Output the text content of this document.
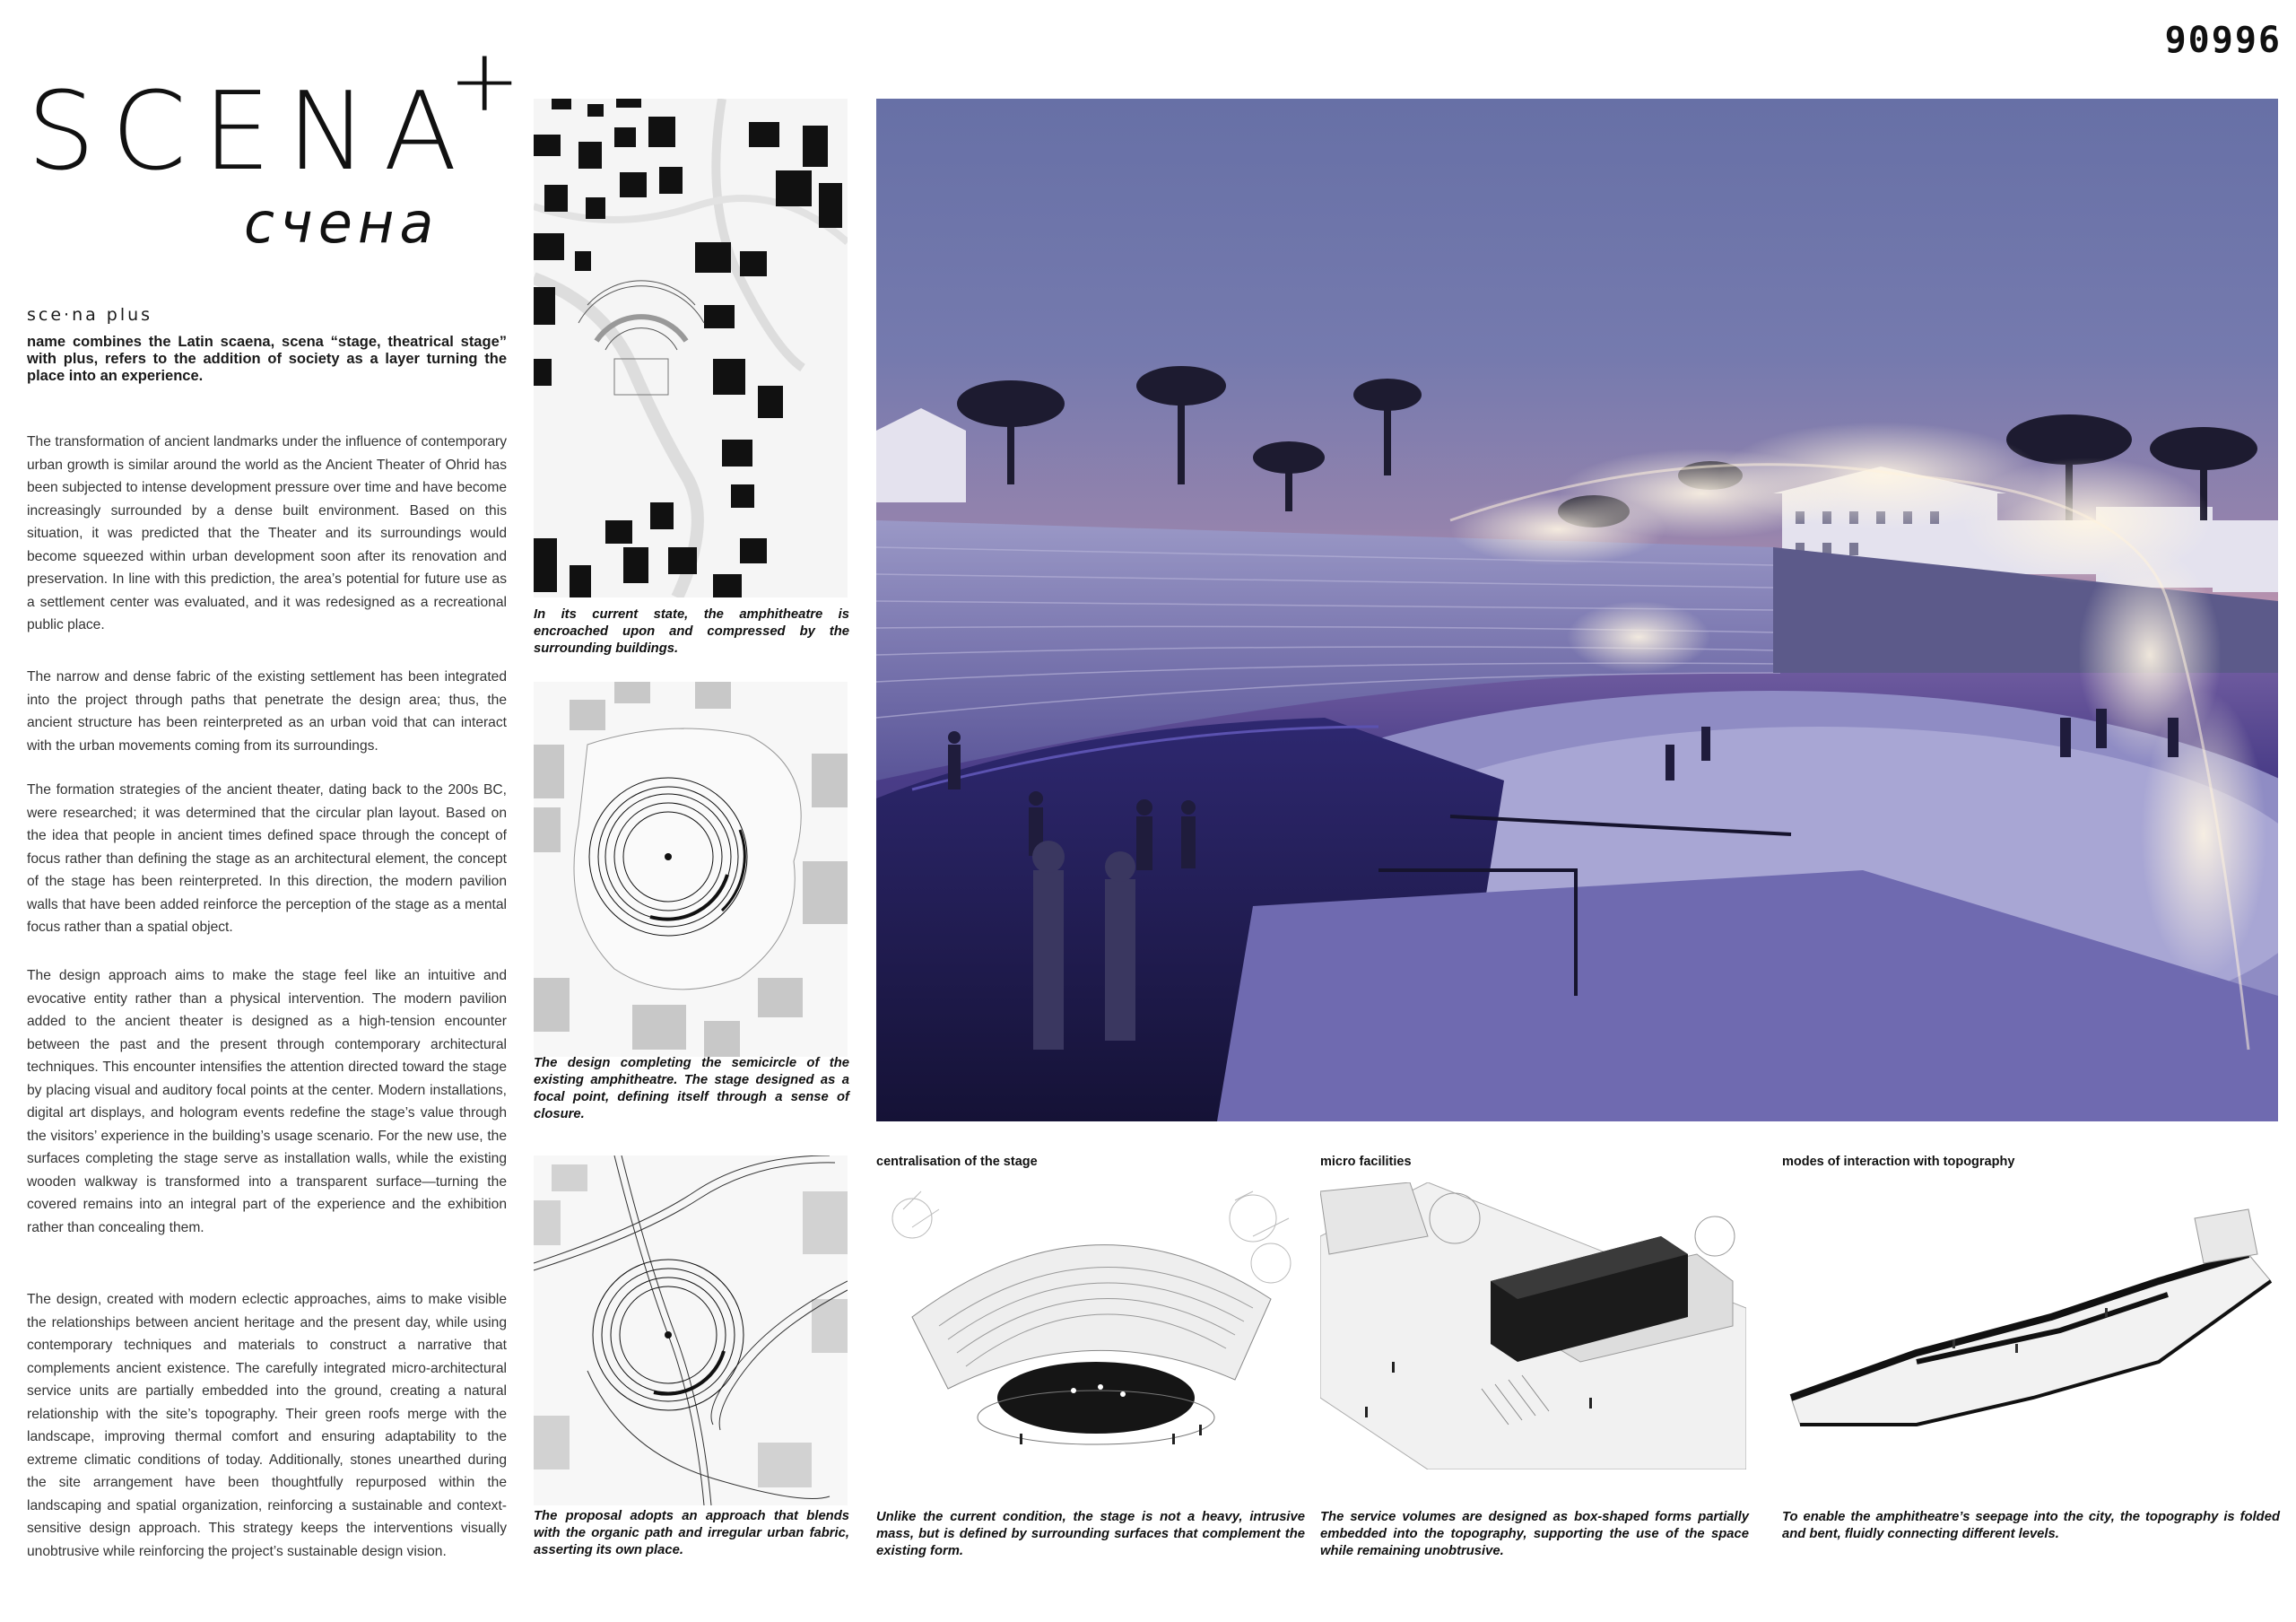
90996
SCENA
+
счена
sce·na plus
name combines the Latin scaena, scena “stage, theatrical stage” with plus, refers to the addition of society as a layer turning the place into an experience.
The transformation of ancient landmarks under the influence of contemporary urban growth is similar around the world as the Ancient Theater of Ohrid has been subjected to intense development pressure over time and have become increasingly surrounded by a dense built environment. Based on this situation, it was predicted that the Theater and its surroundings would become squeezed within urban development soon after its renovation and preservation. In line with this prediction, the area’s potential for future use as a settlement center was evaluated, and it was redesigned as a recreational public place.
The narrow and dense fabric of the existing settlement has been integrated into the project through paths that penetrate the design area; thus, the ancient structure has been reinterpreted as an urban void that can interact with the urban movements coming from its surroundings.
The formation strategies of the ancient theater, dating back to the 200s BC, were researched; it was determined that the circular plan layout. Based on the idea that people in ancient times defined space through the concept of focus rather than defining the stage as an architectural element, the concept of the stage has been reinterpreted. In this direction, the modern pavilion walls that have been added reinforce the perception of the stage as a mental focus rather than a spatial object.
The design approach aims to make the stage feel like an intuitive and evocative entity rather than a physical intervention. The modern pavilion added to the ancient theater is designed as a high-tension encounter between the past and the present through contemporary architectural techniques. This encounter intensifies the attention directed toward the stage by placing visual and auditory focal points at the center. Modern installations, digital art displays, and hologram events redefine the stage’s value through the visitors’ experience in the building’s usage scenario. For the new use, the surfaces completing the stage serve as installation walls, while the existing wooden walkway is transformed into a transparent surface—turning the covered remains into an integral part of the experience and the exhibition rather than concealing them.
The design, created with modern eclectic approaches, aims to make visible the relationships between ancient heritage and the present day, while using contemporary techniques and materials to construct a narrative that complements ancient existence. The carefully integrated micro-architectural service units are partially embedded into the ground, creating a natural relationship with the site’s topography. Their green roofs merge with the landscape, improving thermal comfort and ensuring adaptability to the extreme climatic conditions of today. Additionally, stones unearthed during the site arrangement have been thoughtfully repurposed within the landscaping and spatial organization, reinforcing a sustainable and context-sensitive design approach. This strategy keeps the interventions visually unobtrusive while reinforcing the project’s sustainable design vision.
In its current state, the amphitheatre is encroached upon and compressed by the surrounding buildings.
The design completing the semicircle of the existing amphitheatre. The stage designed as a focal point, defining itself through a sense of closure.
The proposal adopts an approach that blends with the organic path and irregular urban fabric, asserting its own place.
centralisation of the stage	micro facilities	modes of interaction with topography
Unlike the current condition, the stage is not a heavy, intrusive mass, but is defined by surrounding surfaces that complement the existing form.
The service volumes are designed as box-shaped forms partially embedded into the topography, supporting the use of the space while remaining unobtrusive.
To enable the amphitheatre’s seepage into the city, the topography is folded and bent, fluidly connecting different levels.
